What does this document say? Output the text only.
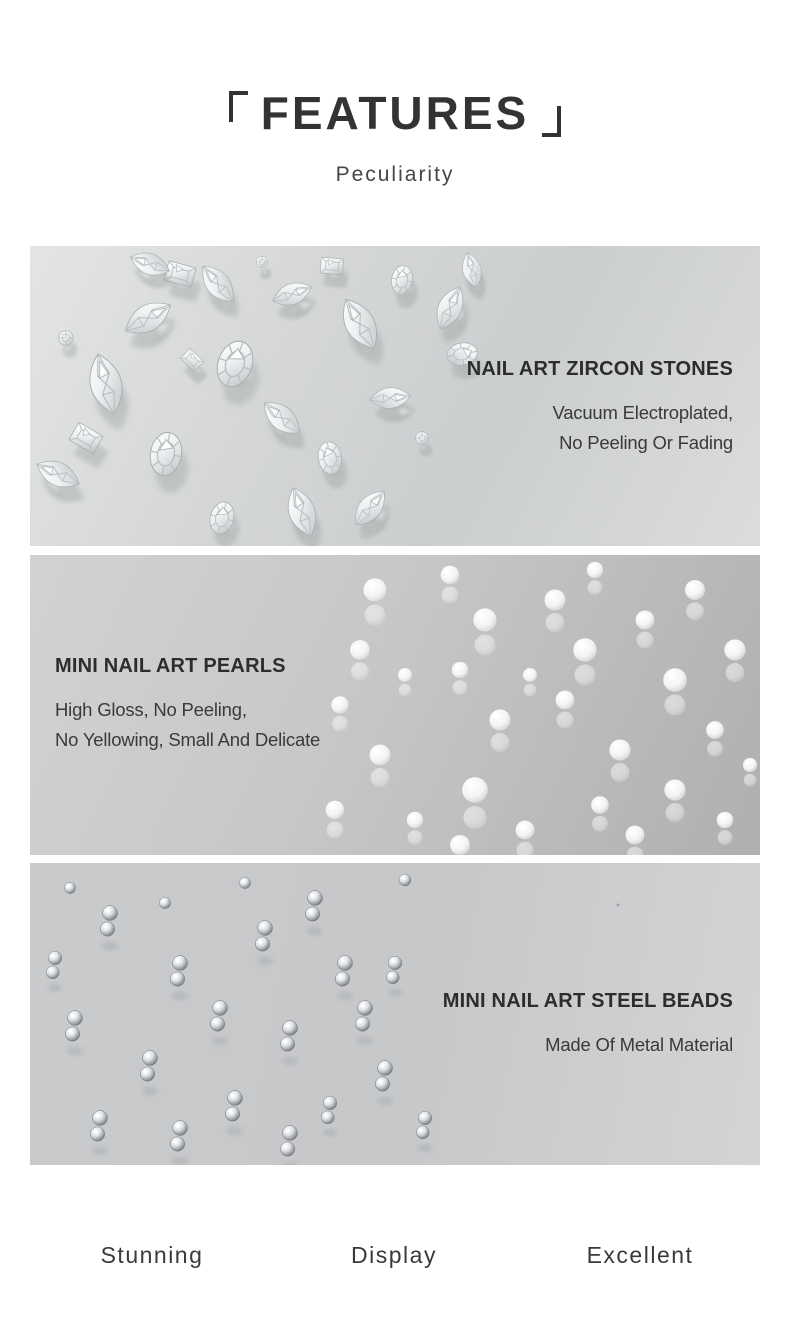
FEATURES
Peculiarity
NAIL ART ZIRCON STONES

Vacuum Electroplated,

No Peeling Or Fading

MINI NAIL ART PEARLS

High Gloss, No Peeling,

No Yellowing, Small And Delicate

MINI NAIL ART STEEL BEADS

Made Of Metal Material

Stunning	Display	Excellent
